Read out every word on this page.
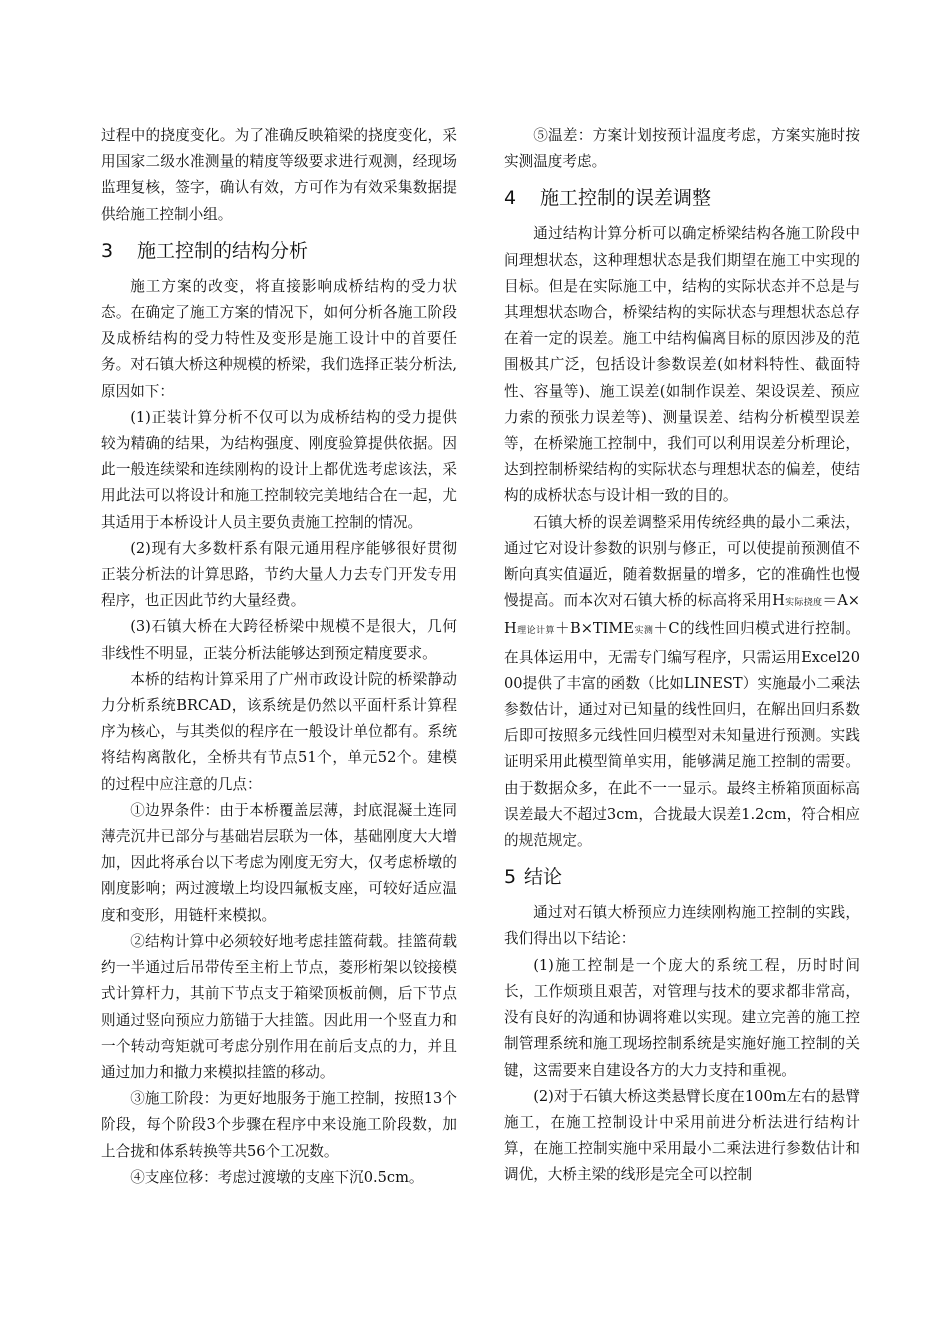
过程中的挠度变化。为了准确反映箱梁的挠度变化，采用国家二级水准测量的精度等级要求进行观测，经现场监理复核，签字，确认有效，方可作为有效采集数据提供给施工控制小组。

3 施工控制的结构分析

施工方案的改变，将直接影响成桥结构的受力状态。在确定了施工方案的情况下，如何分析各施工阶段及成桥结构的受力特性及变形是施工设计中的首要任务。对石镇大桥这种规模的桥梁，我们选择正装分析法,原因如下：

(1)正装计算分析不仅可以为成桥结构的受力提供较为精确的结果，为结构强度、刚度验算提供依据。因此一般连续梁和连续刚构的设计上都优选考虑该法，采用此法可以将设计和施工控制较完美地结合在一起，尤其适用于本桥设计人员主要负责施工控制的情况。

(2)现有大多数杆系有限元通用程序能够很好贯彻正装分析法的计算思路，节约大量人力去专门开发专用程序，也正因此节约大量经费。

(3)石镇大桥在大跨径桥梁中规模不是很大，几何非线性不明显，正装分析法能够达到预定精度要求。

本桥的结构计算采用了广州市政设计院的桥梁静动力分析系统BRCAD，该系统是仍然以平面杆系计算程序为核心，与其类似的程序在一般设计单位都有。系统将结构离散化，全桥共有节点51个，单元52个。建模的过程中应注意的几点：

①边界条件：由于本桥覆盖层薄，封底混凝土连同薄壳沉井已部分与基础岩层联为一体，基础刚度大大增加，因此将承台以下考虑为刚度无穷大，仅考虑桥墩的刚度影响；两过渡墩上均设四氟板支座，可较好适应温度和变形，用链杆来模拟。

②结构计算中必须较好地考虑挂篮荷载。挂篮荷载约一半通过后吊带传至主桁上节点，菱形桁架以铰接模式计算杆力，其前下节点支于箱梁顶板前侧，后下节点则通过竖向预应力筋锚于大挂篮。因此用一个竖直力和一个转动弯矩就可考虑分别作用在前后支点的力，并且通过加力和撤力来模拟挂篮的移动。

③施工阶段：为更好地服务于施工控制，按照13个阶段，每个阶段3个步骤在程序中来设施工阶段数，加上合拢和体系转换等共56个工况数。

④支座位移：考虑过渡墩的支座下沉0.5cm。

⑤温差：方案计划按预计温度考虑，方案实施时按实测温度考虑。

4 施工控制的误差调整

通过结构计算分析可以确定桥梁结构各施工阶段中间理想状态，这种理想状态是我们期望在施工中实现的目标。但是在实际施工中，结构的实际状态并不总是与其理想状态吻合，桥梁结构的实际状态与理想状态总存在着一定的误差。施工中结构偏离目标的原因涉及的范围极其广泛，包括设计参数误差(如材料特性、截面特性、容量等)、施工误差(如制作误差、架设误差、预应力索的预张力误差等)、测量误差、结构分析模型误差等，在桥梁施工控制中，我们可以利用误差分析理论，达到控制桥梁结构的实际状态与理想状态的偏差，使结构的成桥状态与设计相一致的目的。

石镇大桥的误差调整采用传统经典的最小二乘法，通过它对设计参数的识别与修正，可以使提前预测值不断向真实值逼近，随着数据量的增多，它的准确性也慢慢提高。而本次对石镇大桥的标高将采用H实际挠度＝A×H理论计算＋B×TIME实测＋C的线性回归模式进行控制。在具体运用中，无需专门编写程序，只需运用Excel2000提供了丰富的函数（比如LINEST）实施最小二乘法参数估计，通过对已知量的线性回归，在解出回归系数后即可按照多元线性回归模型对未知量进行预测。实践证明采用此模型简单实用，能够满足施工控制的需要。由于数据众多，在此不一一显示。最终主桥箱顶面标高误差最大不超过3cm，合拢最大误差1.2cm，符合相应的规范规定。

5 结论

通过对石镇大桥预应力连续刚构施工控制的实践，我们得出以下结论：

(1)施工控制是一个庞大的系统工程，历时时间长，工作烦琐且艰苦，对管理与技术的要求都非常高，没有良好的沟通和协调将难以实现。建立完善的施工控制管理系统和施工现场控制系统是实施好施工控制的关键，这需要来自建设各方的大力支持和重视。

(2)对于石镇大桥这类悬臂长度在100m左右的悬臂施工，在施工控制设计中采用前进分析法进行结构计算，在施工控制实施中采用最小二乘法进行参数估计和调优，大桥主梁的线形是完全可以控制
